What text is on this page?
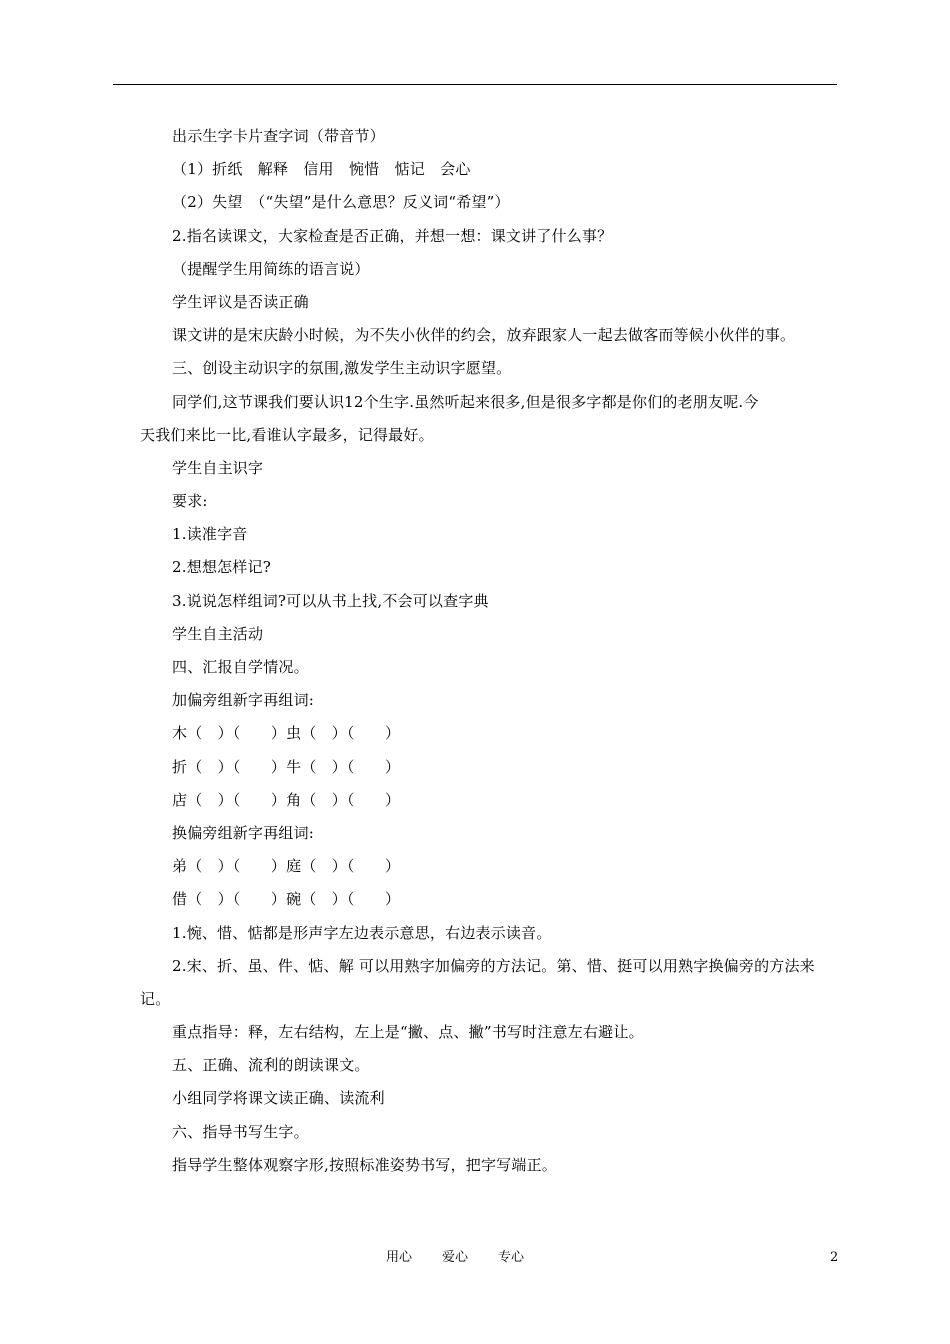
出示生字卡片查字词（带音节）
（1）折纸　解释　信用　惋惜　惦记　会心
（2）失望　（“失望”是什么意思？反义词“希望”）
2.指名读课文，大家检查是否正确，并想一想：课文讲了什么事？
（提醒学生用简练的语言说）
学生评议是否读正确
课文讲的是宋庆龄小时候，为不失小伙伴的约会，放弃跟家人一起去做客而等候小伙伴的事。
三、创设主动识字的氛围,激发学生主动识字愿望。
同学们,这节课我们要认识12个生字.虽然听起来很多,但是很多字都是你们的老朋友呢.今
天我们来比一比,看谁认字最多，记得最好。
学生自主识字
要求:
1.读准字音
2.想想怎样记?
3.说说怎样组词?可以从书上找,不会可以查字典
学生自主活动
四、汇报自学情况。
加偏旁组新字再组词:
木（　）（　　）虫（　）（　　）
折（　）（　　）牛（　）（　　）
店（　）（　　）角（　）（　　）
换偏旁组新字再组词:
弟（　）（　　）庭（　）（　　）
借（　）（　　）碗（　）（　　）
1.惋、惜、惦都是形声字左边表示意思，右边表示读音。
2.宋、折、虽、件、惦、解 可以用熟字加偏旁的方法记。第、惜、挺可以用熟字换偏旁的方法来
记。
重点指导：释，左右结构，左上是“撇、点、撇”书写时注意左右避让。
五、正确、流利的朗读课文。
小组同学将课文读正确、读流利
六、指导书写生字。
指导学生整体观察字形,按照标准姿势书写，把字写端正。
用心 爱心 专心	2
